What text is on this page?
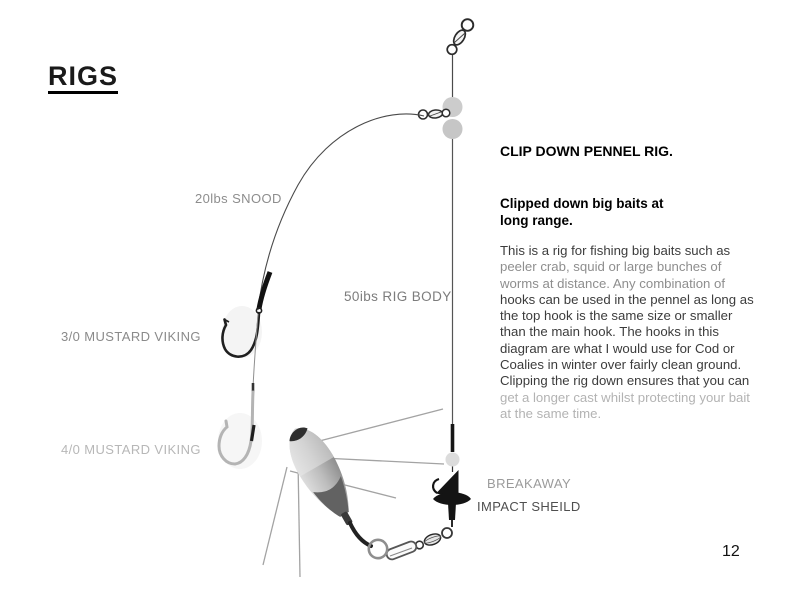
RIGS
20lbs SNOOD
50ibs RIG BODY
3/0 MUSTARD VIKING
4/0 MUSTARD VIKING
BREAKAWAY
IMPACT SHEILD
CLIP DOWN PENNEL RIG.
Clipped down big baits at
long range.
This is a rig for fishing big baits such as
peeler crab, squid or large bunches of
worms at distance. Any combination of
hooks can be used in the pennel as long as
the top hook is the same size or smaller
than the main hook. The hooks in this
diagram are what I would use for Cod or
Coalies in winter over fairly clean ground.
Clipping the rig down ensures that you can
get a longer cast whilst protecting your bait
at the same time.
12
